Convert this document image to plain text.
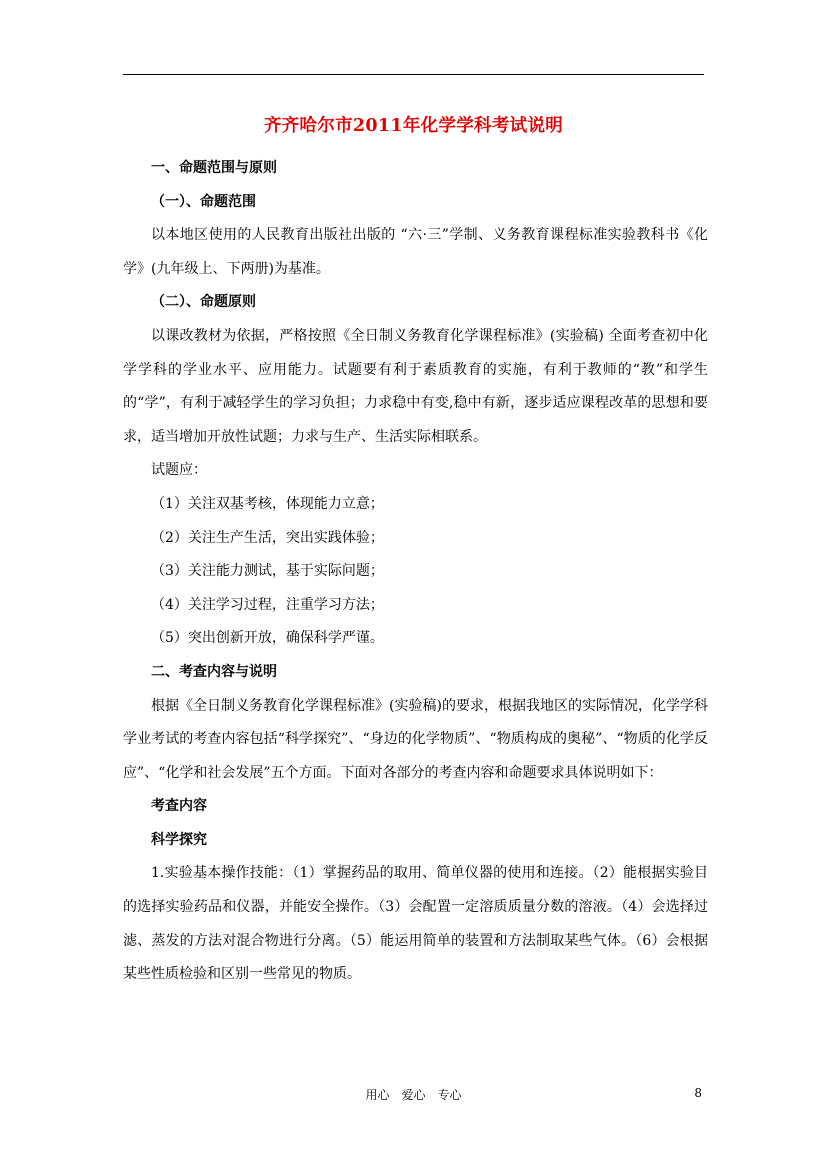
齐齐哈尔市2011年化学学科考试说明

一、命题范围与原则

（一）、命题范围

以本地区使用的人民教育出版社出版的 “六·三”学制、义务教育课程标准实验教科书《化学》(九年级上、下两册)为基准。

（二）、命题原则

以课改教材为依据，严格按照《全日制义务教育化学课程标准》(实验稿) 全面考查初中化学学科的学业水平、应用能力。试题要有利于素质教育的实施，有利于教师的“教”和学生的“学”，有利于减轻学生的学习负担；力求稳中有变,稳中有新，逐步适应课程改革的思想和要求，适当增加开放性试题；力求与生产、生活实际相联系。

试题应：

（1）关注双基考核，体现能力立意；

（2）关注生产生活，突出实践体验；

（3）关注能力测试，基于实际问题；

（4）关注学习过程，注重学习方法；

（5）突出创新开放，确保科学严谨。

二、考查内容与说明

根据《全日制义务教育化学课程标准》(实验稿)的要求，根据我地区的实际情况，化学学科学业考试的考查内容包括“科学探究”、“身边的化学物质”、“物质构成的奥秘”、“物质的化学反应”、“化学和社会发展”五个方面。下面对各部分的考查内容和命题要求具体说明如下：

考查内容

科学探究

1.实验基本操作技能：（1）掌握药品的取用、简单仪器的使用和连接。（2）能根据实验目的选择实验药品和仪器，并能安全操作。（3）会配置一定溶质质量分数的溶液。（4）会选择过滤、蒸发的方法对混合物进行分离。（5）能运用简单的装置和方法制取某些气体。（6）会根据某些性质检验和区别一些常见的物质。

用心　爱心　专心	8
